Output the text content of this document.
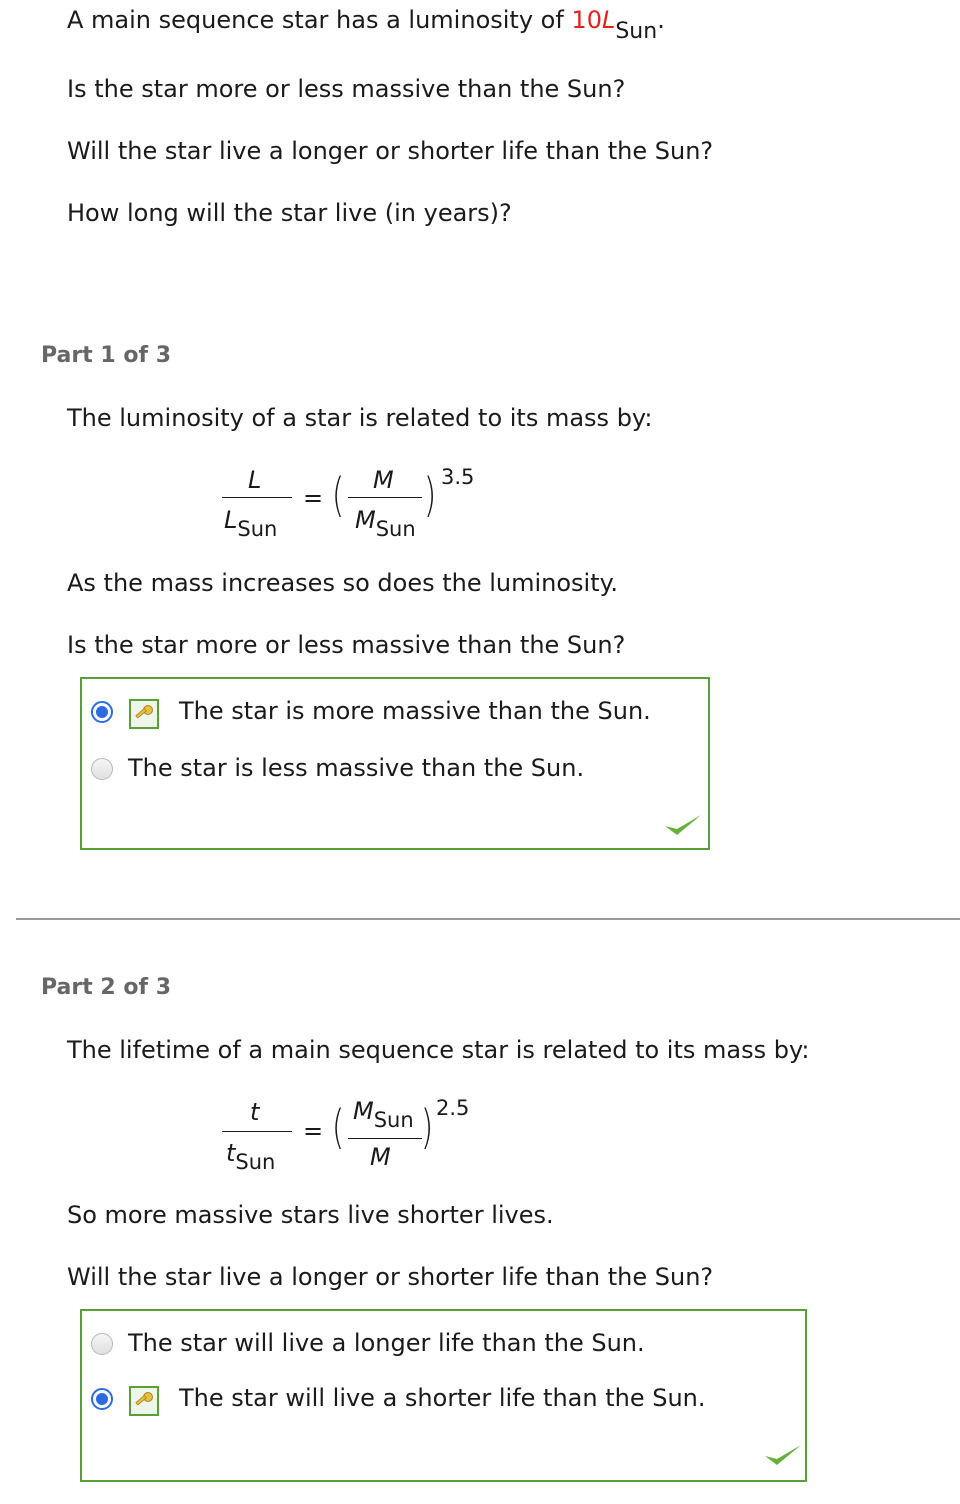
A main sequence star has a luminosity of 10LSun.
Is the star more or less massive than the Sun?
Will the star live a longer or shorter life than the Sun?
How long will the star live (in years)?
Part 1 of 3
The luminosity of a star is related to its mass by:
L
LSun
= ( M
MSun
) 3.5
As the mass increases so does the luminosity.
Is the star more or less massive than the Sun?
The star is more massive than the Sun.
The star is less massive than the Sun.
Part 2 of 3
The lifetime of a main sequence star is related to its mass by:
t
tSun
= ( MSun
M
) 2.5
So more massive stars live shorter lives.
Will the star live a longer or shorter life than the Sun?
The star will live a longer life than the Sun.
The star will live a shorter life than the Sun.
